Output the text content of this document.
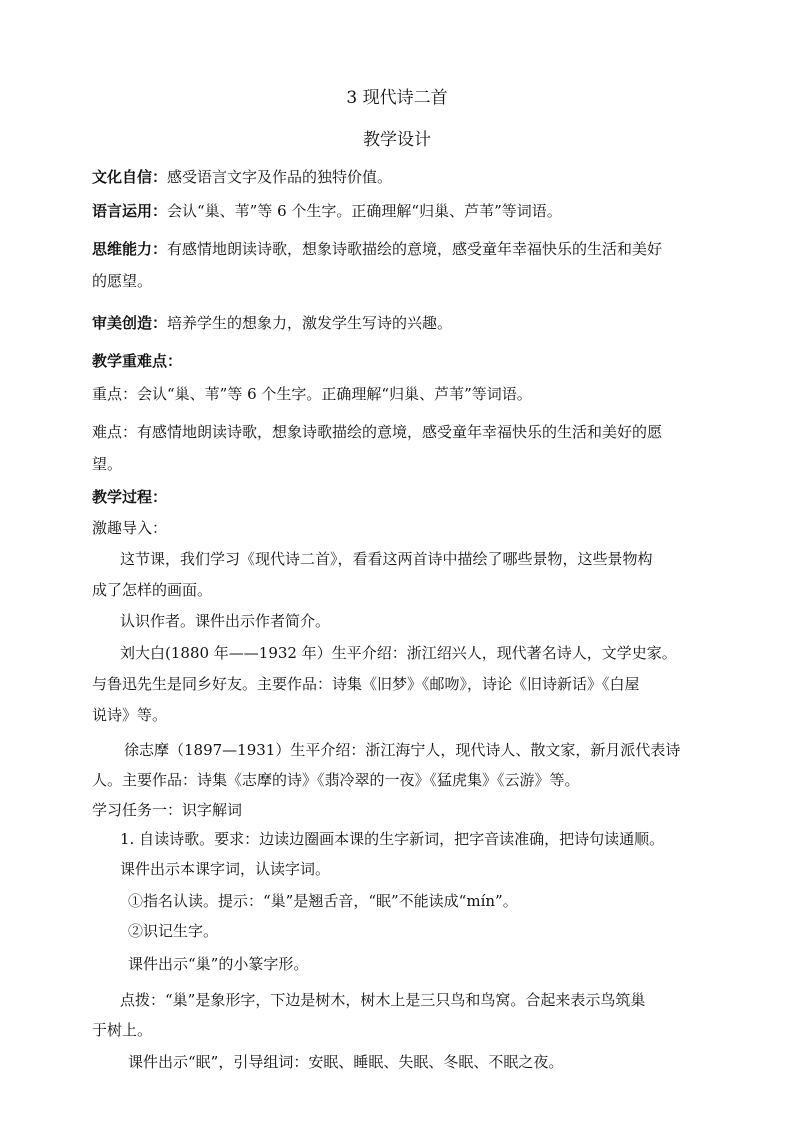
3 现代诗二首
教学设计
文化自信：感受语言文字及作品的独特价值。
语言运用：会认“巢、苇”等 6 个生字。正确理解“归巢、芦苇”等词语。
思维能力：有感情地朗读诗歌，想象诗歌描绘的意境，感受童年幸福快乐的生活和美好
的愿望。
审美创造：培养学生的想象力，激发学生写诗的兴趣。
教学重难点：
重点：会认“巢、苇”等 6 个生字。正确理解“归巢、芦苇”等词语。
难点：有感情地朗读诗歌，想象诗歌描绘的意境，感受童年幸福快乐的生活和美好的愿
望。
教学过程：
激趣导入：
这节课，我们学习《现代诗二首》，看看这两首诗中描绘了哪些景物，这些景物构
成了怎样的画面。
认识作者。课件出示作者简介。
刘大白(1880 年——1932 年）生平介绍：浙江绍兴人，现代著名诗人，文学史家。
与鲁迅先生是同乡好友。主要作品：诗集《旧梦》《邮吻》，诗论《旧诗新话》《白屋
说诗》等。
徐志摩（1897—1931）生平介绍：浙江海宁人，现代诗人、散文家，新月派代表诗
人。主要作品：诗集《志摩的诗》《翡冷翠的一夜》《猛虎集》《云游》等。
学习任务一：识字解词
1. 自读诗歌。要求：边读边圈画本课的生字新词，把字音读准确，把诗句读通顺。
课件出示本课字词，认读字词。
①指名认读。提示：“巢”是翘舌音，“眠”不能读成“mín”。
②识记生字。
课件出示“巢”的小篆字形。
点拨：“巢”是象形字，下边是树木，树木上是三只鸟和鸟窝。合起来表示鸟筑巢
于树上。
课件出示“眠”，引导组词：安眠、睡眠、失眠、冬眠、不眠之夜。
